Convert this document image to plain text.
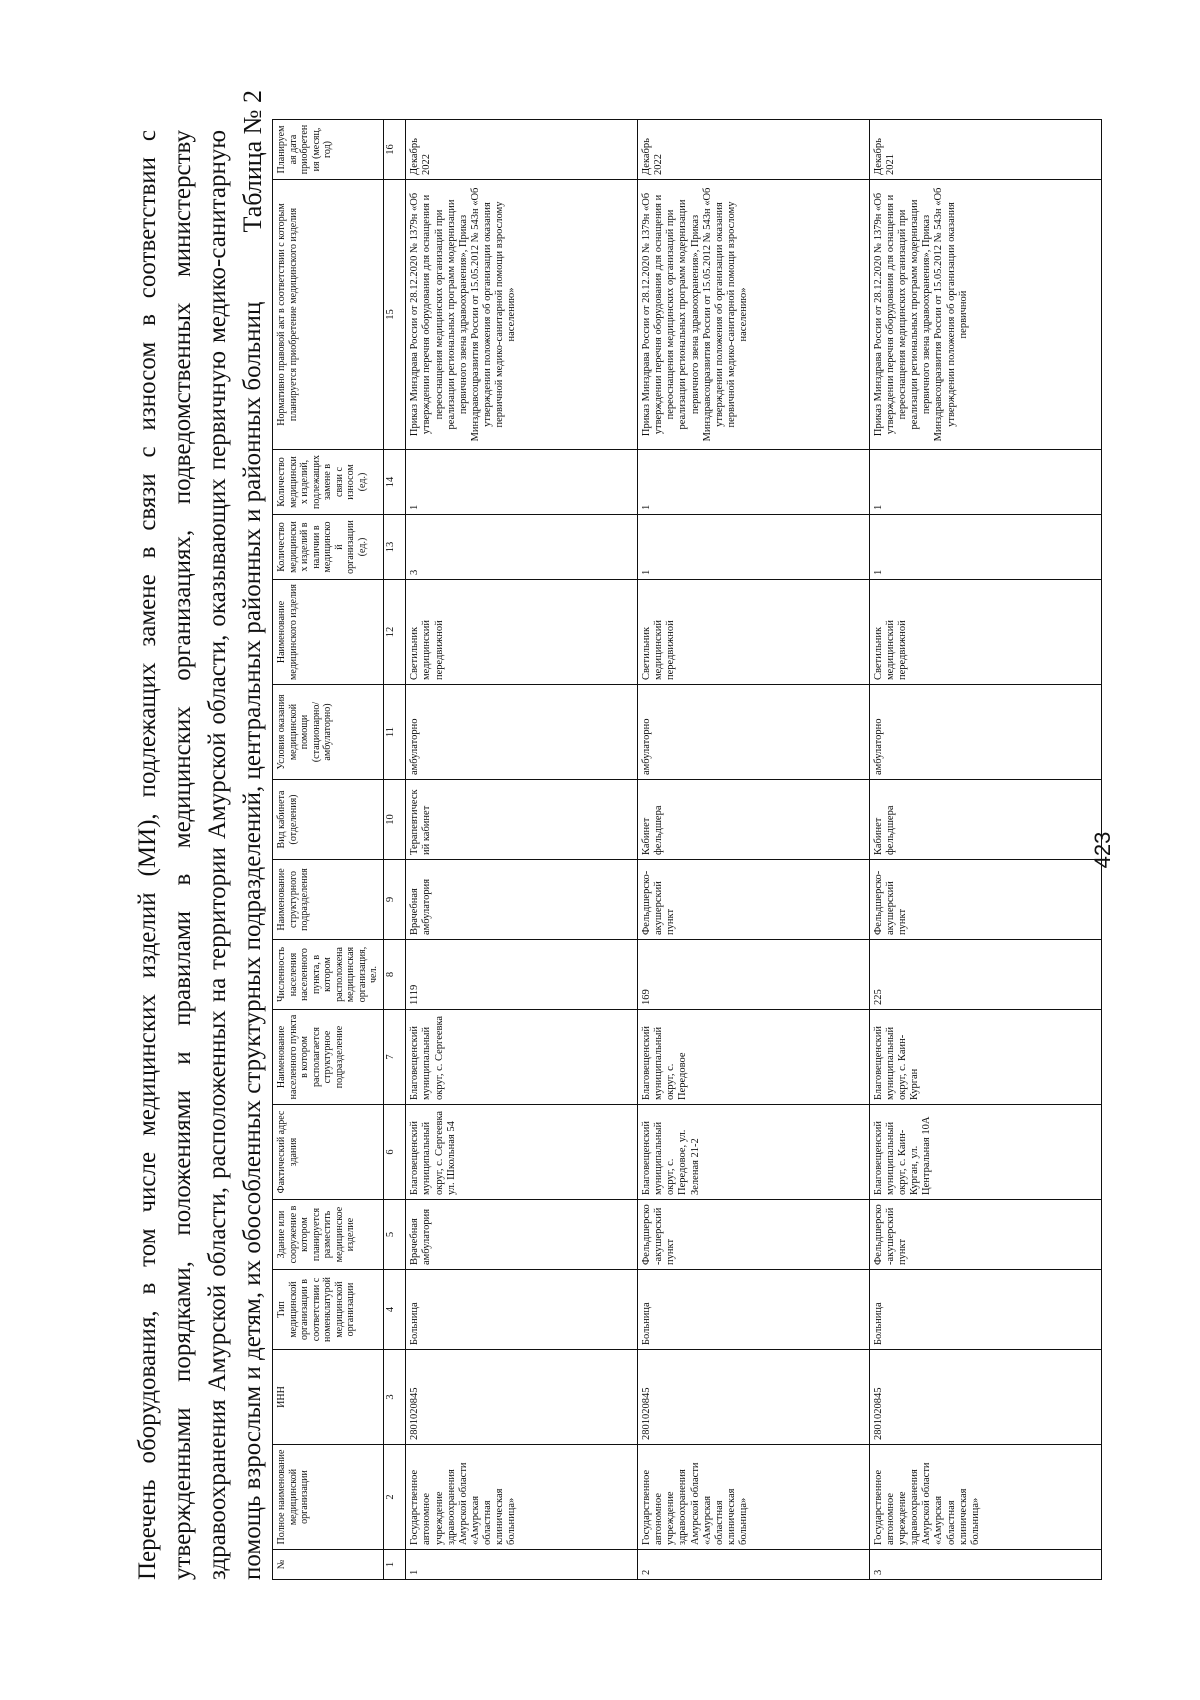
423
Перечень оборудования, в том числе медицинских изделий (МИ), подлежащих замене в связи с износом в соответствии с утвержденными порядками, положениями и правилами в медицинских организациях, подведомственных министерству здравоохранения Амурской области, расположенных на территории Амурской области, оказывающих первичную медико-санитарную помощь взрослым и детям, их обособленных структурных подразделений, центральных районных и районных больниц
Таблица № 2
№	Полное наименование медицинской организации	ИНН	Тип медицинской организации в соответствии с номенклатурой медицинской организации	Здание или сооружение в котором планируется разместить медицинское изделие	Фактический адрес здания	Наименование населенного пункта в котором располагается структурное подразделение	Численность населения населенного пункта, в котором расположена медицинская организация, чел.	Наименование структурного подразделения	Вид кабинета (отделения)	Условия оказания медицинской помощи (стационарно/амбулаторно)	Наименование медицинского изделия	Количество медицинских изделий в наличии в медицинской организации (ед.)	Количество медицинских изделий, подлежащих замене в связи с износом (ед.)	Нормативно правовой акт в соответствии с которым планируется приобретение медицинского изделия	Планируемая дата приобретения (месяц, год)
1	2	3	4	5	6	7	8	9	10	11	12	13	14	15	16
1	Государственное автономное учреждение здравоохранения Амурской области «Амурская областная клиническая больница»	2801020845	Больница	Врачебная амбулатория	Благовещенский муниципальный округ, с. Сергеевка ул. Школьная 54	Благовещенский муниципальный округ, с. Сергеевка	1119	Врачебная амбулатория	Терапевтический кабинет	амбулаторно	Светильник медицинский передвижной	3	1	Приказ Минздрава России от 28.12.2020 № 1379н «Об утверждении перечня оборудования для оснащения и переоснащения медицинских организаций при реализации региональных программ модернизации первичного звена здравоохранения», Приказ Минздравсоцразвития России от 15.05.2012 № 543н «Об утверждении положения об организации оказания первичной медико-санитарной помощи взрослому населению»	Декабрь 2022
2	Государственное автономное учреждение здравоохранения Амурской области «Амурская областная клиническая больница»	2801020845	Больница	Фельдшерско-акушерский пункт	Благовещенский муниципальный округ, с. Передовое, ул. Зеленая 21-2	Благовещенский муниципальный округ, с. Передовое	169	Фельдшерско-акушерский пункт	Кабинет фельдшера	амбулаторно	Светильник медицинский передвижной	1	1	Приказ Минздрава России от 28.12.2020 № 1379н «Об утверждении перечня оборудования для оснащения и переоснащения медицинских организаций при реализации региональных программ модернизации первичного звена здравоохранения», Приказ Минздравсоцразвития России от 15.05.2012 № 543н «Об утверждении положения об организации оказания первичной медико-санитарной помощи взрослому населению»	Декабрь 2022
3	Государственное автономное учреждение здравоохранения Амурской области «Амурская областная клиническая больница»	2801020845	Больница	Фельдшерско-акушерский пункт	Благовещенский муниципальный округ, с. Каин-Курган, ул. Центральная 10А	Благовещенский муниципальный округ, с. Каин-Курган	225	Фельдшерско-акушерский пункт	Кабинет фельдшера	амбулаторно	Светильник медицинский передвижной	1	1	Приказ Минздрава России от 28.12.2020 № 1379н «Об утверждении перечня оборудования для оснащения и переоснащения медицинских организаций при реализации региональных программ модернизации первичного звена здравоохранения», Приказ Минздравсоцразвития России от 15.05.2012 № 543н «Об утверждении положения об организации оказания первичной	Декабрь 2021
